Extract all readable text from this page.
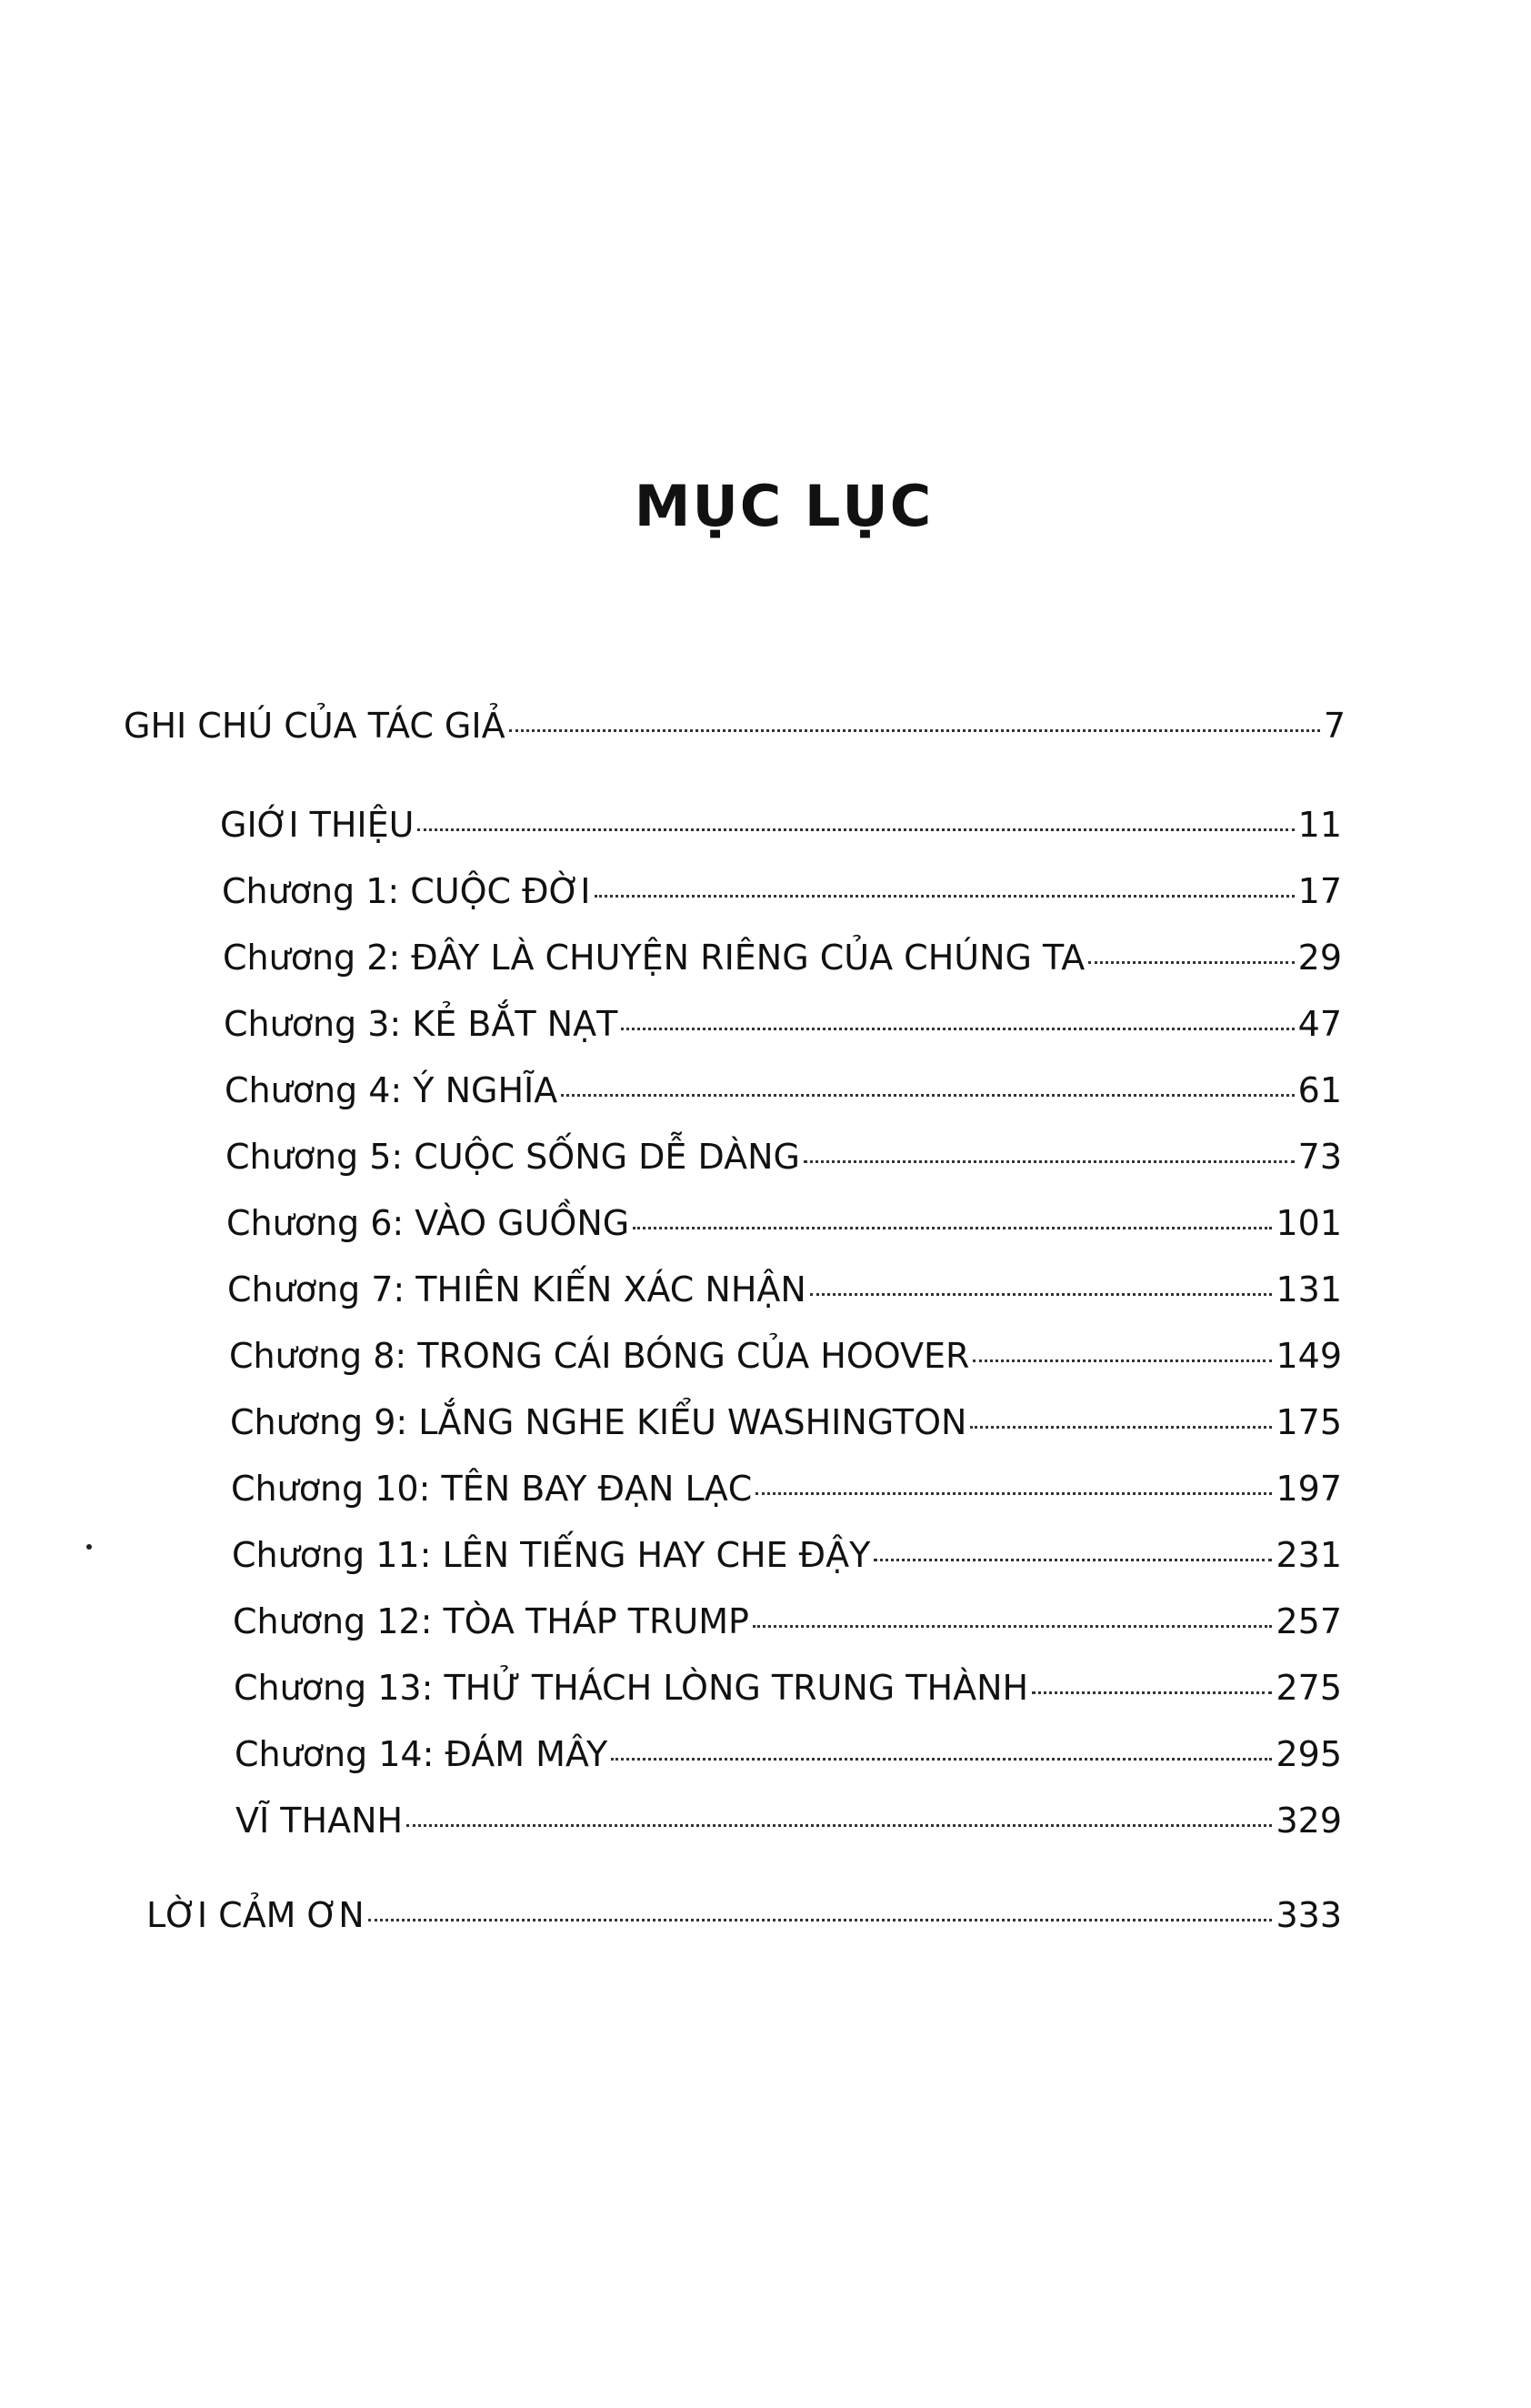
MỤC LỤC
GHI CHÚ CỦA TÁC GIẢ	7
GIỚI THIỆU	11
Chương 1: CUỘC ĐỜI	17
Chương 2: ĐÂY LÀ CHUYỆN RIÊNG CỦA CHÚNG TA	29
Chương 3: KẺ BẮT NẠT	47
Chương 4: Ý NGHĨA	61
Chương 5: CUỘC SỐNG DỄ DÀNG	73
Chương 6: VÀO GUỒNG	101
Chương 7: THIÊN KIẾN XÁC NHẬN	131
Chương 8: TRONG CÁI BÓNG CỦA HOOVER	149
Chương 9: LẮNG NGHE KIỂU WASHINGTON	175
Chương 10: TÊN BAY ĐẠN LẠC	197
Chương 11: LÊN TIẾNG HAY CHE ĐẬY	231
Chương 12: TÒA THÁP TRUMP	257
Chương 13: THỬ THÁCH LÒNG TRUNG THÀNH	275
Chương 14: ĐÁM MÂY	295
VĨ THANH	329
LỜI CẢM ƠN	333
